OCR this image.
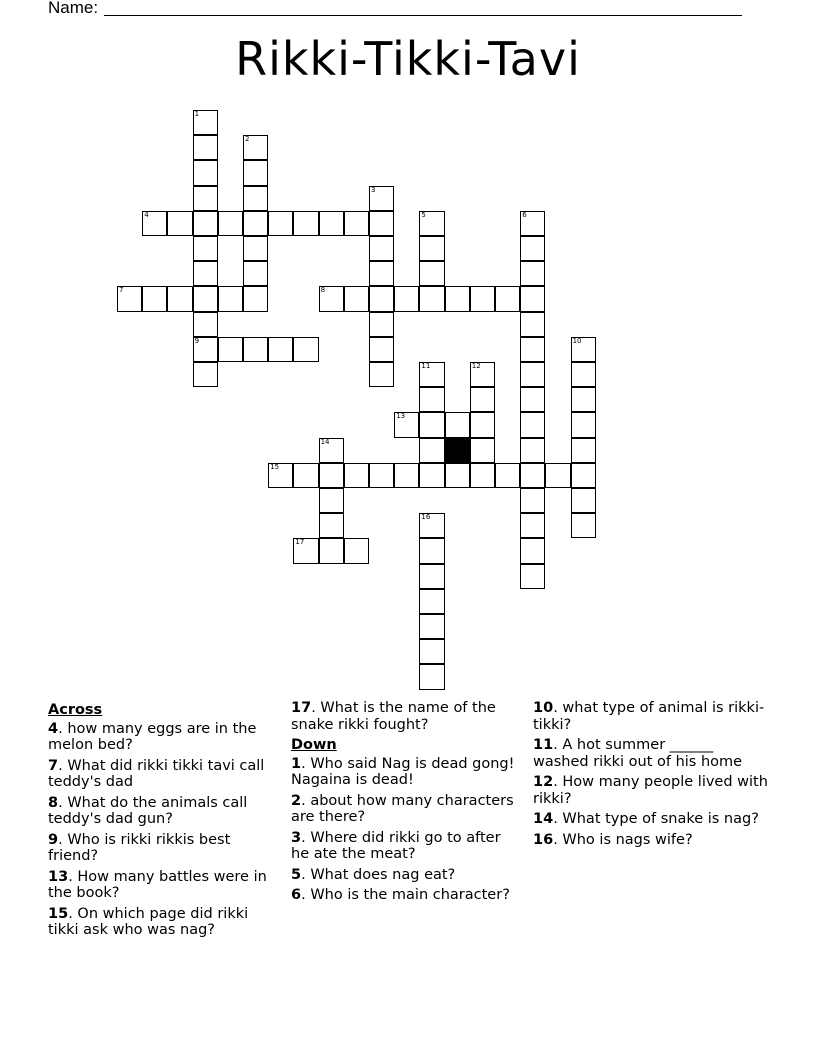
Name:
Rikki-Tikki-Tavi
1
9
2
3
4	5	6
7	8
10
11	12
13
14
15
16
17
Across
4. how many eggs are in the melon bed?
7. What did rikki tikki tavi call teddy's dad
8. What do the animals call teddy's dad gun?
9. Who is rikki rikkis best friend?
13. How many battles were in the book?
15. On which page did rikki tikki ask who was nag?
17. What is the name of the snake rikki fought?
Down
1. Who said Nag is dead gong! Nagaina is dead!
2. about how many characters are there?
3. Where did rikki go to after he ate the meat?
5. What does nag eat?
6. Who is the main character?
10. what type of animal is rikki-tikki?
11. A hot summer ______ washed rikki out of his home
12. How many people lived with rikki?
14. What type of snake is nag?
16. Who is nags wife?
